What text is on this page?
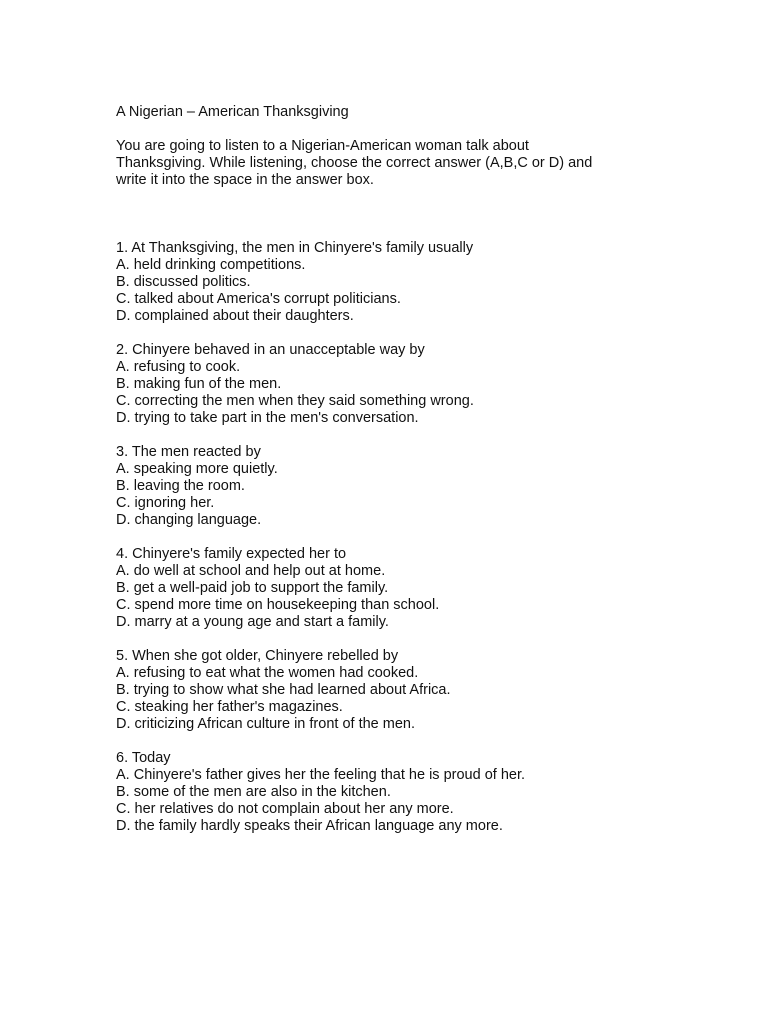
A Nigerian – American Thanksgiving

You are going to listen to a Nigerian-American woman talk about
Thanksgiving. While listening, choose the correct answer (A,B,C or D) and
write it into the space in the answer box.

1. At Thanksgiving, the men in Chinyere's family usually
A. held drinking competitions.
B. discussed politics.
C. talked about America's corrupt politicians.
D. complained about their daughters.
2. Chinyere behaved in an unacceptable way by
A. refusing to cook.
B. making fun of the men.
C. correcting the men when they said something wrong.
D. trying to take part in the men's conversation.
3. The men reacted by
A. speaking more quietly.
B. leaving the room.
C. ignoring her.
D. changing language.
4. Chinyere's family expected her to
A. do well at school and help out at home.
B. get a well-paid job to support the family.
C. spend more time on housekeeping than school.
D. marry at a young age and start a family.
5. When she got older, Chinyere rebelled by
A. refusing to eat what the women had cooked.
B. trying to show what she had learned about Africa.
C. steaking her father's magazines.
D. criticizing African culture in front of the men.
6. Today
A. Chinyere's father gives her the feeling that he is proud of her.
B. some of the men are also in the kitchen.
C. her relatives do not complain about her any more.
D. the family hardly speaks their African language any more.
